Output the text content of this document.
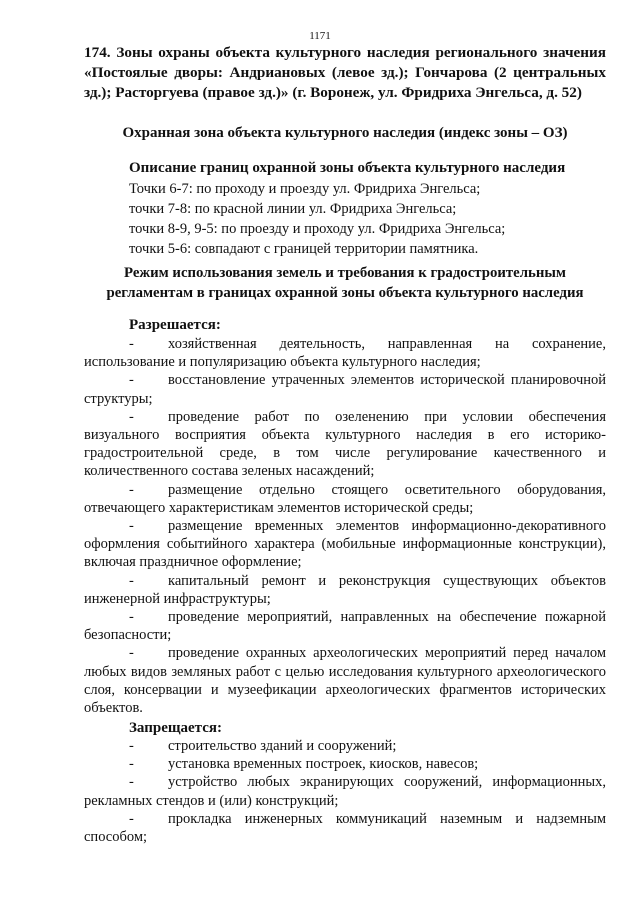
1171
174. Зоны охраны объекта культурного наследия регионального значения «Постоялые дворы: Андриановых (левое зд.); Гончарова (2 центральных зд.); Расторгуева (правое зд.)» (г. Воронеж, ул. Фридриха Энгельса, д. 52)
Охранная зона объекта культурного наследия (индекс зоны – ОЗ)
Описание границ охранной зоны объекта культурного наследия
Точки 6-7: по проходу и проезду ул. Фридриха Энгельса;
точки 7-8: по красной линии ул. Фридриха Энгельса;
точки 8-9, 9-5: по проезду и проходу ул. Фридриха Энгельса;
точки 5-6: совпадают с границей территории памятника.
Режим использования земель и требования к градостроительным регламентам в границах охранной зоны объекта культурного наследия
Разрешается:
- хозяйственная деятельность, направленная на сохранение, использование и популяризацию объекта культурного наследия;
- восстановление утраченных элементов исторической планировочной структуры;
- проведение работ по озеленению при условии обеспечения визуального восприятия объекта культурного наследия в его историко-градостроительной среде, в том числе регулирование качественного и количественного состава зеленых насаждений;
- размещение отдельно стоящего осветительного оборудования, отвечающего характеристикам элементов исторической среды;
- размещение временных элементов информационно-декоративного оформления событийного характера (мобильные информационные конструкции), включая праздничное оформление;
- капитальный ремонт и реконструкция существующих объектов инженерной инфраструктуры;
- проведение мероприятий, направленных на обеспечение пожарной безопасности;
- проведение охранных археологических мероприятий перед началом любых видов земляных работ с целью исследования культурного археологического слоя, консервации и музеефикации археологических фрагментов исторических объектов.
Запрещается:
- строительство зданий и сооружений;
- установка временных построек, киосков, навесов;
- устройство любых экранирующих сооружений, информационных, рекламных стендов и (или) конструкций;
- прокладка инженерных коммуникаций наземным и надземным способом;
